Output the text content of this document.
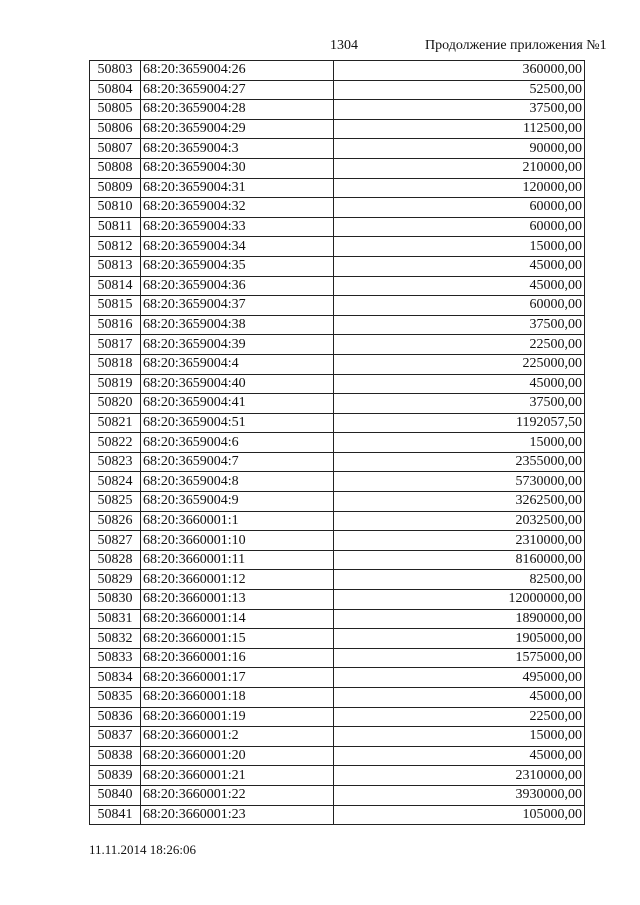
1304	Продолжение приложения №1
50803	68:20:3659004:26	360000,00
50804	68:20:3659004:27	52500,00
50805	68:20:3659004:28	37500,00
50806	68:20:3659004:29	112500,00
50807	68:20:3659004:3	90000,00
50808	68:20:3659004:30	210000,00
50809	68:20:3659004:31	120000,00
50810	68:20:3659004:32	60000,00
50811	68:20:3659004:33	60000,00
50812	68:20:3659004:34	15000,00
50813	68:20:3659004:35	45000,00
50814	68:20:3659004:36	45000,00
50815	68:20:3659004:37	60000,00
50816	68:20:3659004:38	37500,00
50817	68:20:3659004:39	22500,00
50818	68:20:3659004:4	225000,00
50819	68:20:3659004:40	45000,00
50820	68:20:3659004:41	37500,00
50821	68:20:3659004:51	1192057,50
50822	68:20:3659004:6	15000,00
50823	68:20:3659004:7	2355000,00
50824	68:20:3659004:8	5730000,00
50825	68:20:3659004:9	3262500,00
50826	68:20:3660001:1	2032500,00
50827	68:20:3660001:10	2310000,00
50828	68:20:3660001:11	8160000,00
50829	68:20:3660001:12	82500,00
50830	68:20:3660001:13	12000000,00
50831	68:20:3660001:14	1890000,00
50832	68:20:3660001:15	1905000,00
50833	68:20:3660001:16	1575000,00
50834	68:20:3660001:17	495000,00
50835	68:20:3660001:18	45000,00
50836	68:20:3660001:19	22500,00
50837	68:20:3660001:2	15000,00
50838	68:20:3660001:20	45000,00
50839	68:20:3660001:21	2310000,00
50840	68:20:3660001:22	3930000,00
50841	68:20:3660001:23	105000,00
11.11.2014 18:26:06
